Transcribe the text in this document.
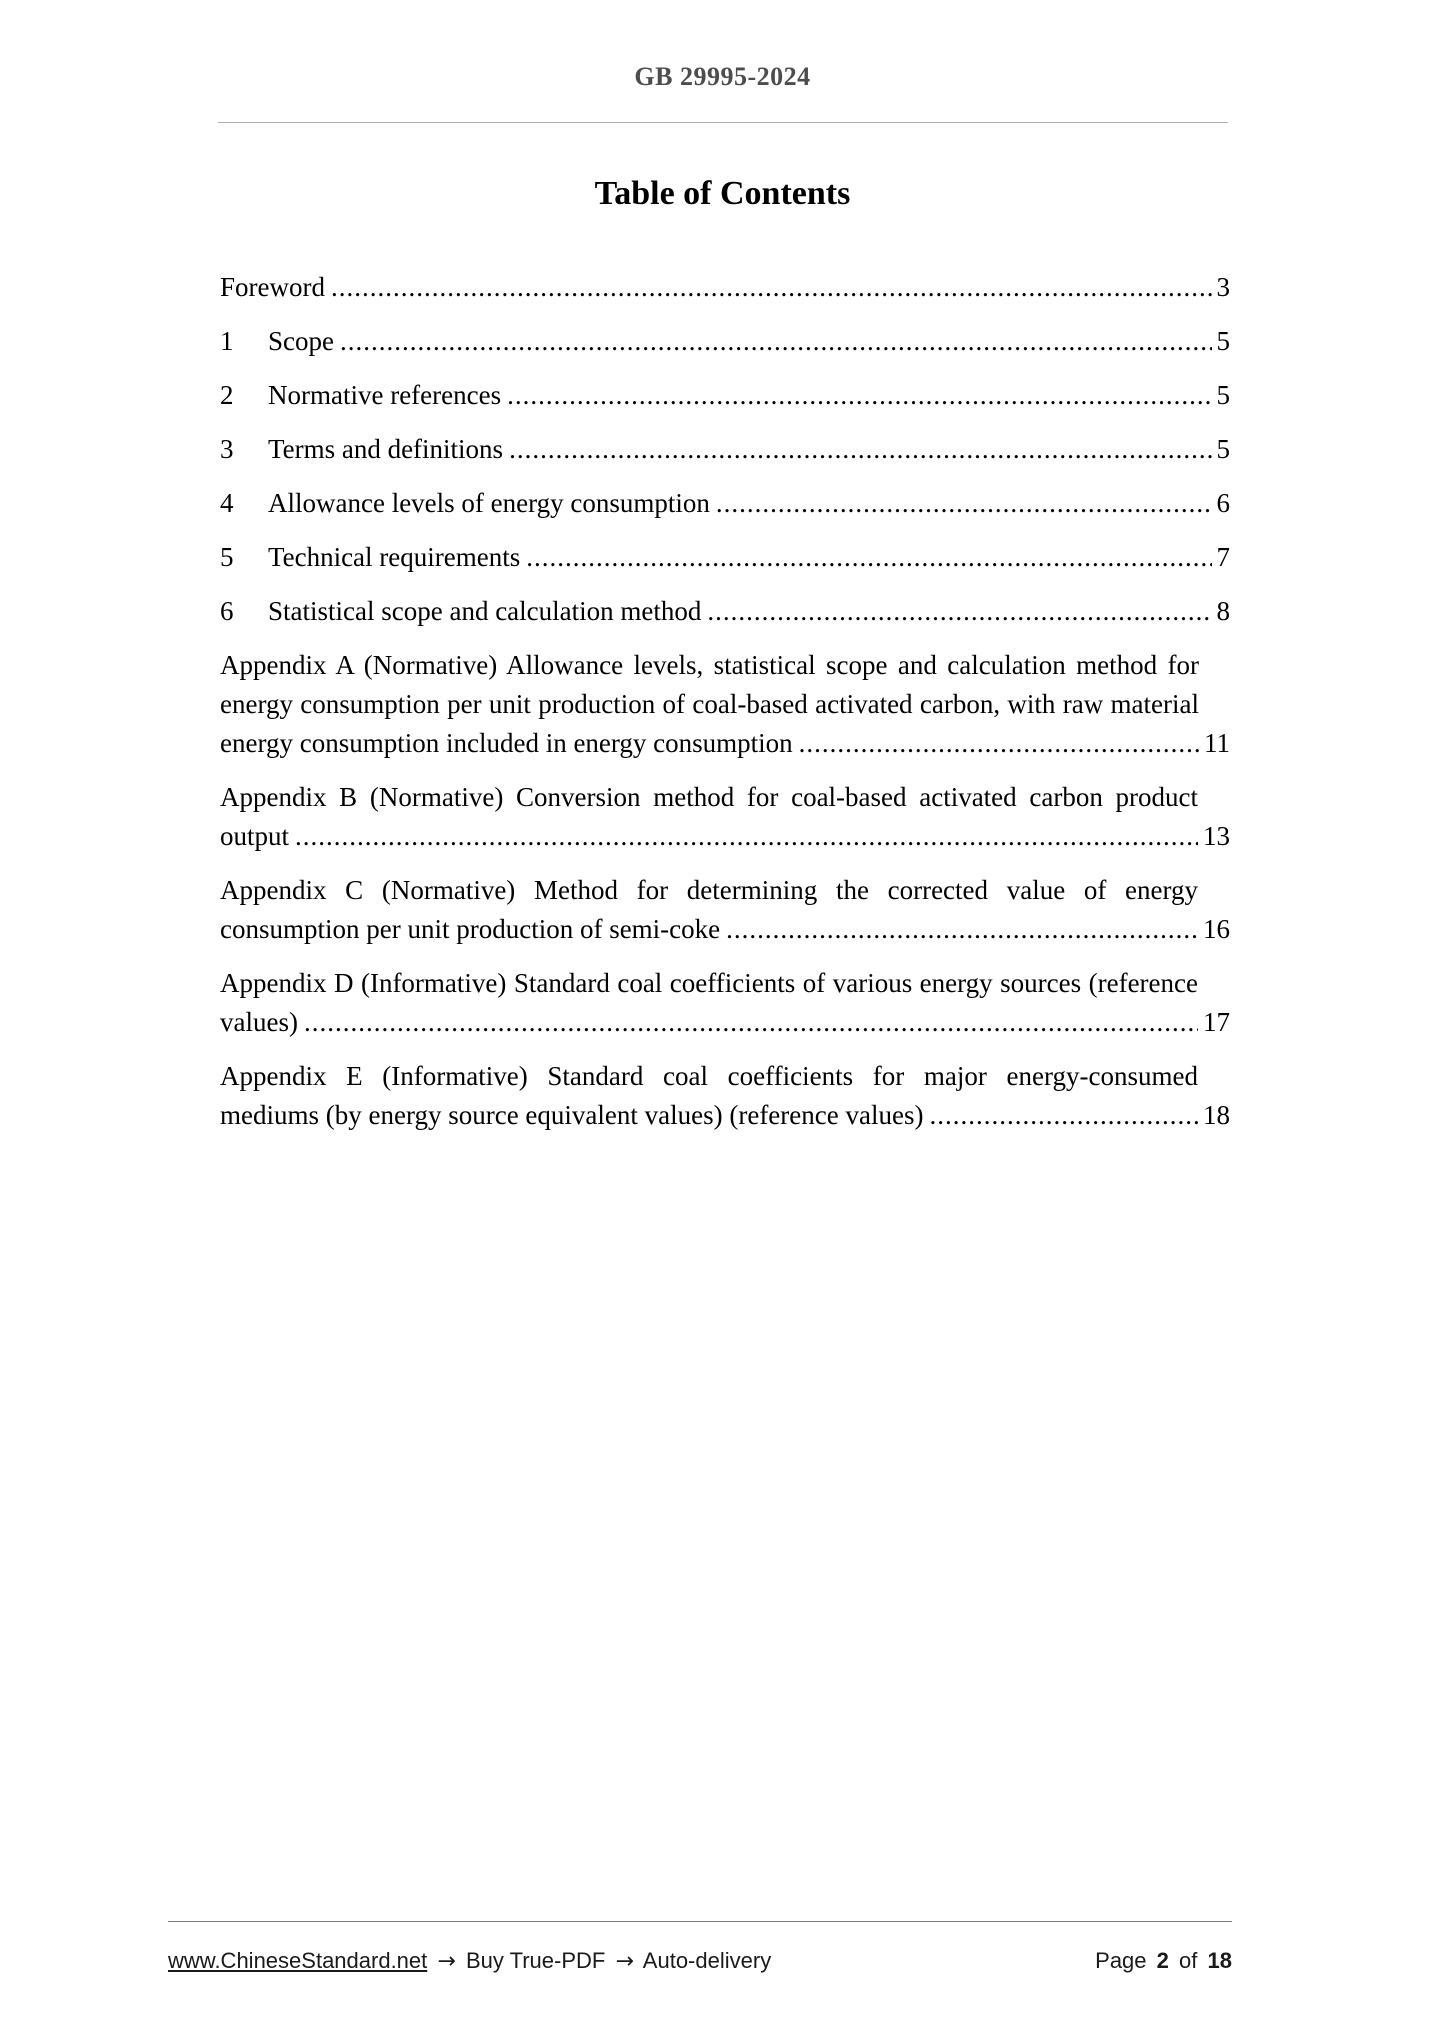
GB 29995-2024
Table of Contents
Foreword .....	3
1	Scope .....	5
2	Normative references .....	5
3	Terms and definitions .....	5
4	Allowance levels of energy consumption .....	6
5	Technical requirements .....	7
6	Statistical scope and calculation method .....	8
Appendix A (Normative) Allowance levels, statistical scope and calculation method for energy consumption per unit production of coal-based activated carbon, with raw material energy consumption included in energy consumption .....	11
Appendix B (Normative) Conversion method for coal-based activated carbon product output .....	13
Appendix C (Normative) Method for determining the corrected value of energy consumption per unit production of semi-coke .....	16
Appendix D (Informative) Standard coal coefficients of various energy sources (reference values) .....	17
Appendix E (Informative) Standard coal coefficients for major energy-consumed mediums (by energy source equivalent values) (reference values) .....	18
www.ChineseStandard.net → Buy True-PDF → Auto-delivery	Page 2 of 18
